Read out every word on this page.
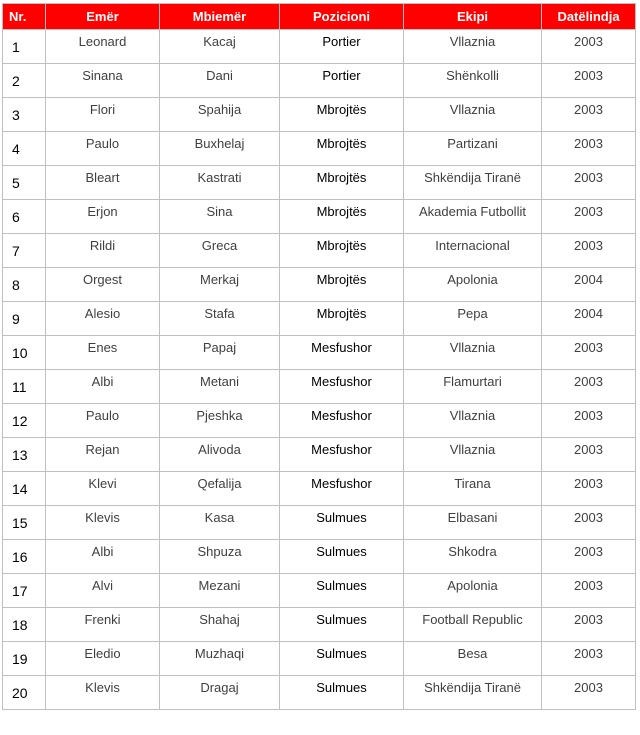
Nr.	Emër	Mbiemër	Pozicioni	Ekipi	Datëlindja
1	Leonard	Kacaj	Portier	Vllaznia	2003
2	Sinana	Dani	Portier	Shënkolli	2003
3	Flori	Spahija	Mbrojtës	Vllaznia	2003
4	Paulo	Buxhelaj	Mbrojtës	Partizani	2003
5	Bleart	Kastrati	Mbrojtës	Shkëndija Tiranë	2003
6	Erjon	Sina	Mbrojtës	Akademia Futbollit	2003
7	Rildi	Greca	Mbrojtës	Internacional	2003
8	Orgest	Merkaj	Mbrojtës	Apolonia	2004
9	Alesio	Stafa	Mbrojtës	Pepa	2004
10	Enes	Papaj	Mesfushor	Vllaznia	2003
11	Albi	Metani	Mesfushor	Flamurtari	2003
12	Paulo	Pjeshka	Mesfushor	Vllaznia	2003
13	Rejan	Alivoda	Mesfushor	Vllaznia	2003
14	Klevi	Qefalija	Mesfushor	Tirana	2003
15	Klevis	Kasa	Sulmues	Elbasani	2003
16	Albi	Shpuza	Sulmues	Shkodra	2003
17	Alvi	Mezani	Sulmues	Apolonia	2003
18	Frenki	Shahaj	Sulmues	Football Republic	2003
19	Eledio	Muzhaqi	Sulmues	Besa	2003
20	Klevis	Dragaj	Sulmues	Shkëndija Tiranë	2003
